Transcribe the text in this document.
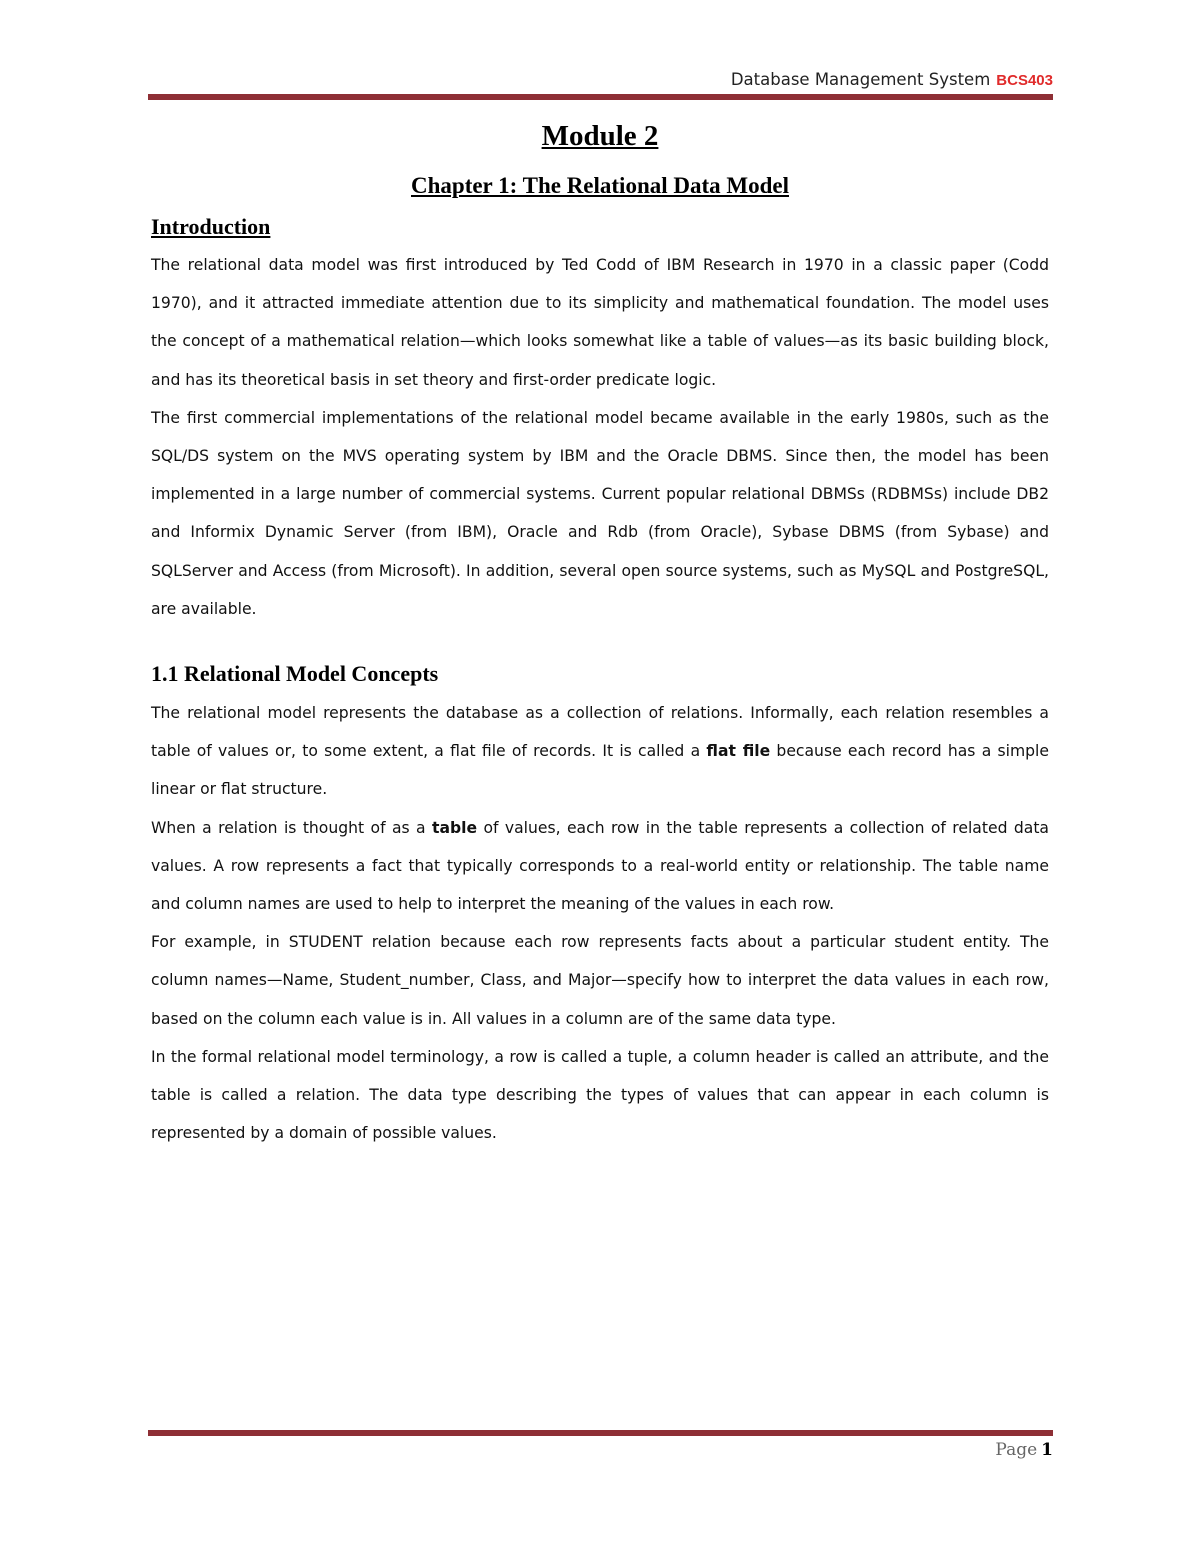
Database Management System BCS403
Module 2
Chapter 1: The Relational Data Model
Introduction

The relational data model was first introduced by Ted Codd of IBM Research in 1970 in a classic paper (Codd 1970), and it attracted immediate attention due to its simplicity and mathematical foundation. The model uses the concept of a mathematical relation—which looks somewhat like a table of values—as its basic building block, and has its theoretical basis in set theory and first-order predicate logic.

The first commercial implementations of the relational model became available in the early 1980s, such as the SQL/DS system on the MVS operating system by IBM and the Oracle DBMS. Since then, the model has been implemented in a large number of commercial systems. Current popular relational DBMSs (RDBMSs) include DB2 and Informix Dynamic Server (from IBM), Oracle and Rdb (from Oracle), Sybase DBMS (from Sybase) and SQLServer and Access (from Microsoft). In addition, several open source systems, such as MySQL and PostgreSQL, are available.

1.1 Relational Model Concepts

The relational model represents the database as a collection of relations. Informally, each relation resembles a table of values or, to some extent, a flat file of records. It is called a flat file because each record has a simple linear or flat structure.

When a relation is thought of as a table of values, each row in the table represents a collection of related data values. A row represents a fact that typically corresponds to a real-world entity or relationship. The table name and column names are used to help to interpret the meaning of the values in each row.

For example, in STUDENT relation because each row represents facts about a particular student entity. The column names—Name, Student_number, Class, and Major—specify how to interpret the data values in each row, based on the column each value is in. All values in a column are of the same data type.

In the formal relational model terminology, a row is called a tuple, a column header is called an attribute, and the table is called a relation. The data type describing the types of values that can appear in each column is represented by a domain of possible values.

Page 1
